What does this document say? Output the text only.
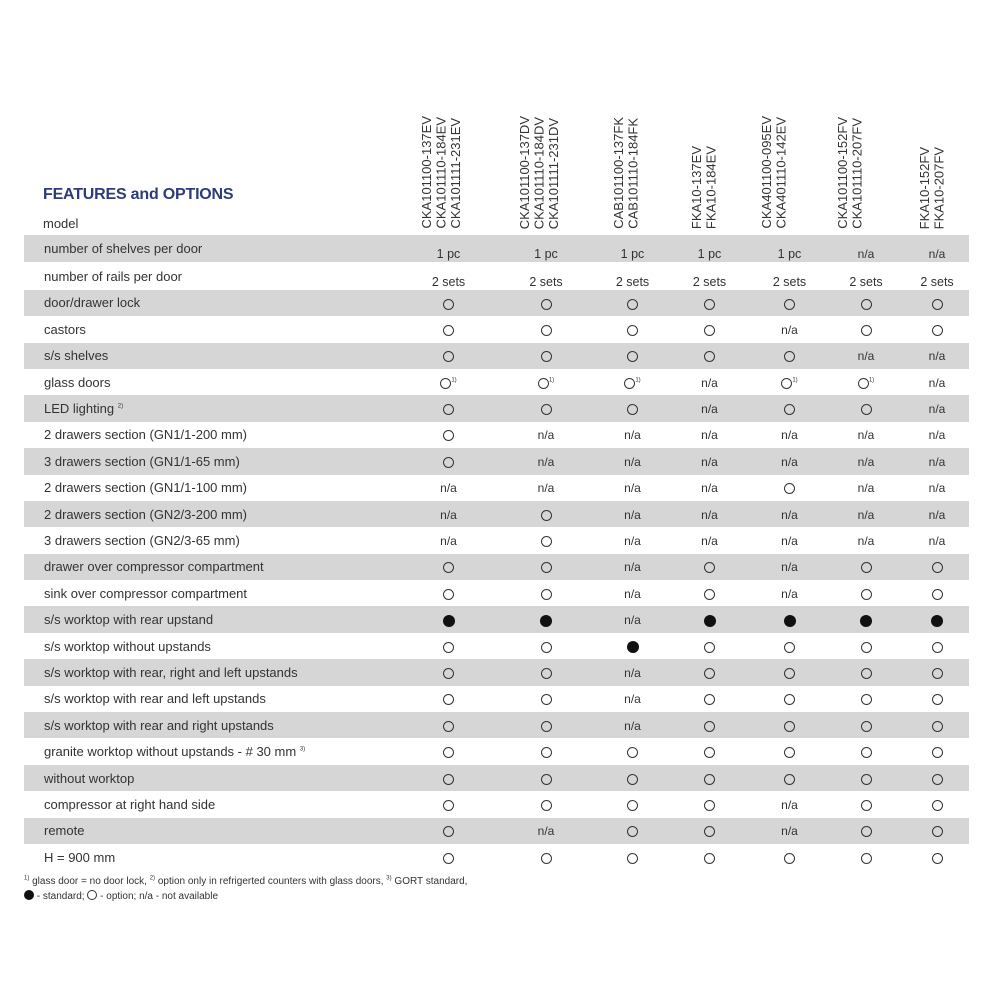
FEATURES and OPTIONS
model	CKA101100-137EV CKA101110-184EV CKA101111-231EV	CKA101100-137DV CKA101110-184DV CKA101111-231DV	CAB101100-137FK CAB101110-184FK	FKA10-137EV FKA10-184EV	CKA401100-095EV CKA401110-142EV	CKA101100-152FV CKA101110-207FV	FKA10-152FV FKA10-207FV
number of shelves per door	1 pc	1 pc	1 pc	1 pc	1 pc	n/a	n/a
number of rails per door	2 sets	2 sets	2 sets	2 sets	2 sets	2 sets	2 sets
door/drawer lock							
castors					n/a		
s/s shelves						n/a	n/a
glass doors	$^{1)}$	$^{1)}$	$^{1)}$	n/a	$^{1)}$	$^{1)}$	n/a
LED lighting $^{2)}$				n/a			n/a
2 drawers section (GN1/1-200 mm)		n/a	n/a	n/a	n/a	n/a	n/a
3 drawers section (GN1/1-65 mm)		n/a	n/a	n/a	n/a	n/a	n/a
2 drawers section (GN1/1-100 mm)	n/a	n/a	n/a	n/a		n/a	n/a
2 drawers section (GN2/3-200 mm)	n/a		n/a	n/a	n/a	n/a	n/a
3 drawers section (GN2/3-65 mm)	n/a		n/a	n/a	n/a	n/a	n/a
drawer over compressor compartment			n/a		n/a		
sink over compressor compartment			n/a		n/a		
s/s worktop with rear upstand			n/a				
s/s worktop without upstands							
s/s worktop with rear, right and left upstands			n/a				
s/s worktop with rear and left upstands			n/a				
s/s worktop with rear and right upstands			n/a				
granite worktop without upstands - # 30 mm $^{3)}$							
without worktop							
compressor at right hand side					n/a		
remote		n/a			n/a		
H = 900 mm							
$^{1)}$ glass door = no door lock, $^{2)}$ option only in refrigerted counters with glass doors, $^{3)}$ GORT standard,
- standard; - option; n/a - not available
